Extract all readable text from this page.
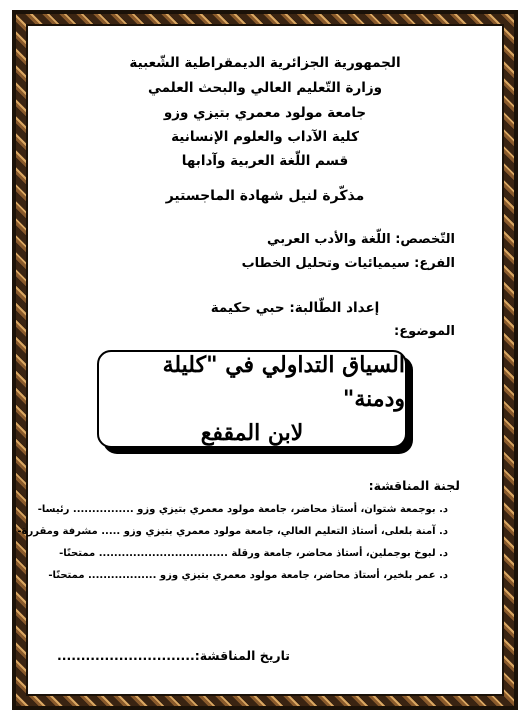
الجمهورية الجزائرية الديمقراطية الشّعبية
وزارة التّعليم العالي والبحث العلمي
جامعة مولود معمري بتيزي وزو
كلية الآداب والعلوم الإنسانية
قسم اللّغة العربية وآدابها
مذكّرة لنيل شهادة الماجستير
التّخصص: اللّغة والأدب العربي
الفرع: سيميائيات وتحليل الخطاب
إعداد الطّالبة: حبي حكيمة
الموضوع:
السياق التداولي في "كليلة ودمنة"
لابن المقفع
لجنة المناقشة:
د. بوجمعة شتوان، أستاذ محاضر، جامعة مولود معمري بتيزي وزو ................ رئيسا-
د. آمنة بلعلى، أستاذ التعليم العالي، جامعة مولود معمري بتيزي وزو ..... مشرفة ومقررة-
د. لبوخ بوجملين، أستاذ محاضر، جامعة ورقلة .................................. ممتحنًا-
د. عمر بلخير، أستاذ محاضر، جامعة مولود معمري بتيزي وزو .................. ممتحنًا-
تاريخ المناقشة:.............................
